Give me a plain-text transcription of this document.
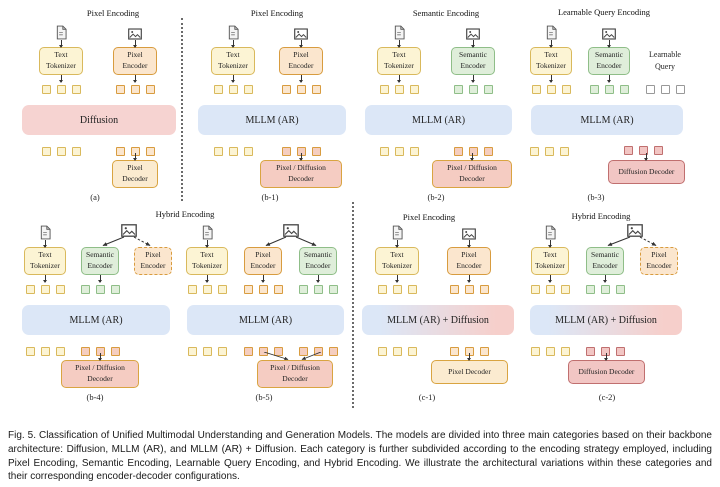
Pixel Encoding	Pixel Encoding	Semantic Encoding	Learnable Query Encoding
Hybrid Encoding	Pixel Encoding	Hybrid Encoding
Text Tokenizer
Pixel Encoder
Diffusion
Pixel Decoder
(a)
Text Tokenizer
Pixel Encoder
MLLM (AR)
Pixel / Diffusion Decoder
(b-1)
Text Tokenizer
Semantic Encoder
MLLM (AR)
Pixel / Diffusion Decoder
(b-2)
Text Tokenizer
Semantic Encoder
Learnable Query
MLLM (AR)
Diffusion Decoder
(b-3)
Text Tokenizer
Semantic Encoder
Pixel Encoder
MLLM (AR)
Pixel / Diffusion Decoder
(b-4)
Text Tokenizer
Pixel Encoder
Semantic Encoder
MLLM (AR)
Pixel / Diffusion Decoder
(b-5)
Text Tokenizer
Pixel Encoder
MLLM (AR) + Diffusion
Pixel Decoder
(c-1)
Text Tokenizer
Semantic Encoder
Pixel Encoder
MLLM (AR) + Diffusion
Diffusion Decoder
(c-2)
Fig. 5. Classification of Unified Multimodal Understanding and Generation Models. The models are divided into three main categories based on their backbone architecture: Diffusion, MLLM (AR), and MLLM (AR) + Diffusion. Each category is further subdivided according to the encoding strategy employed, including Pixel Encoding, Semantic Encoding, Learnable Query Encoding, and Hybrid Encoding. We illustrate the architectural variations within these categories and their corresponding encoder-decoder configurations.
